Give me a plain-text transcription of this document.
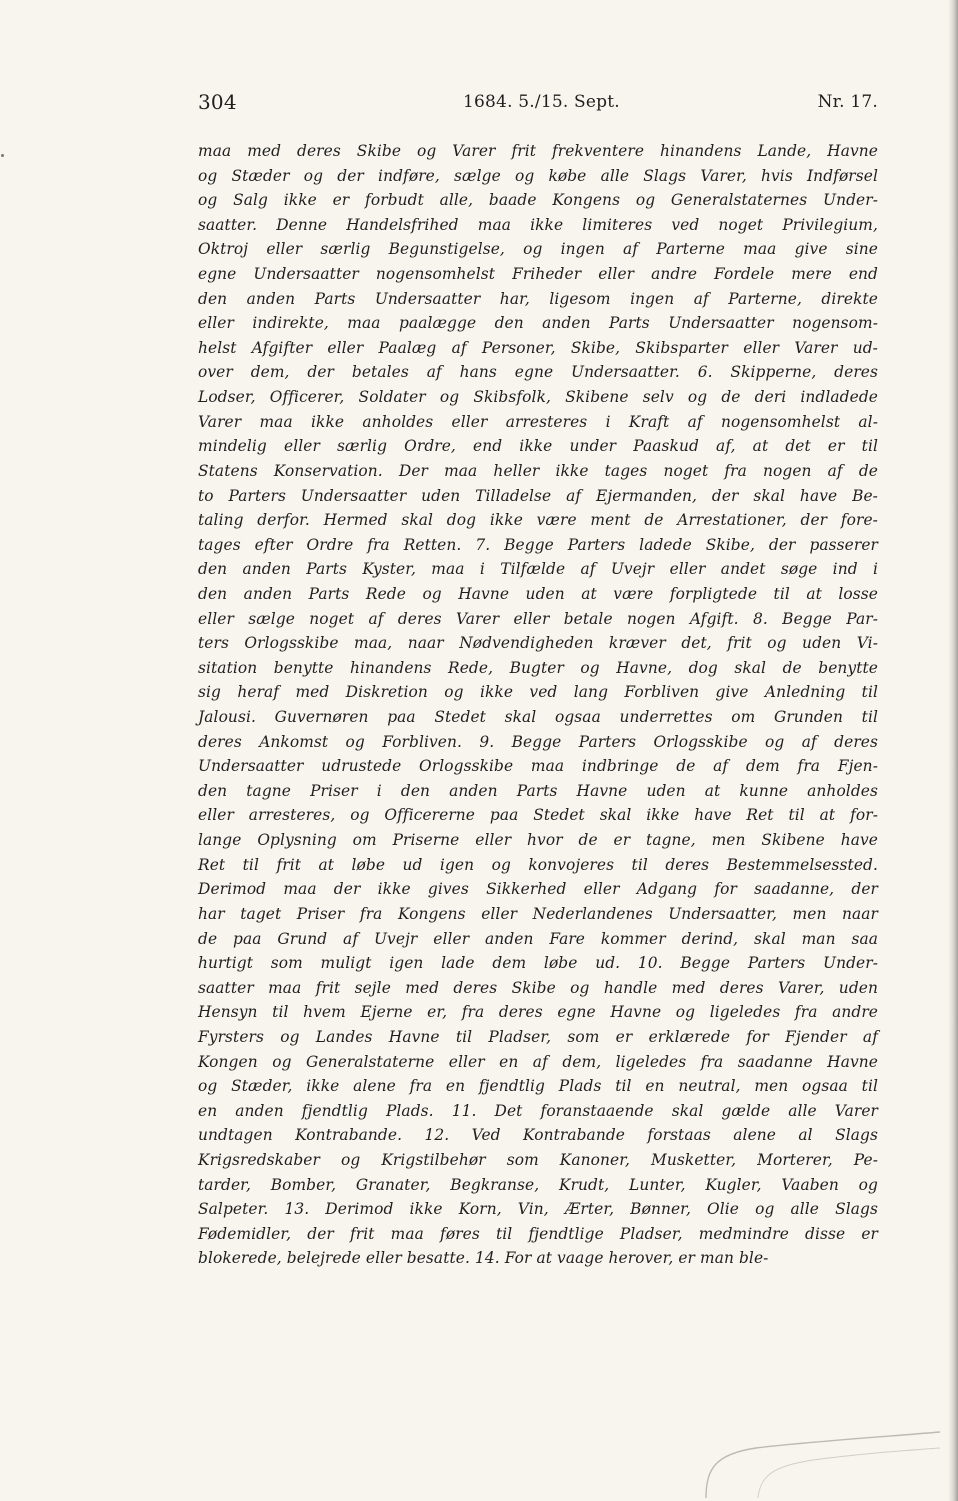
304	1684. 5./15. Sept.	Nr. 17.
maa med deres Skibe og Varer frit frekventere hinandens Lande, Havne
og Stæder og der indføre, sælge og købe alle Slags Varer, hvis Indførsel
og Salg ikke er forbudt alle, baade Kongens og Generalstaternes Under-
saatter. Denne Handelsfrihed maa ikke limiteres ved noget Privilegium,
Oktroj eller særlig Begunstigelse, og ingen af Parterne maa give sine
egne Undersaatter nogensomhelst Friheder eller andre Fordele mere end
den anden Parts Undersaatter har, ligesom ingen af Parterne, direkte
eller indirekte, maa paalægge den anden Parts Undersaatter nogensom-
helst Afgifter eller Paalæg af Personer, Skibe, Skibsparter eller Varer ud-
over dem, der betales af hans egne Undersaatter. 6. Skipperne, deres
Lodser, Officerer, Soldater og Skibsfolk, Skibene selv og de deri indladede
Varer maa ikke anholdes eller arresteres i Kraft af nogensomhelst al-
mindelig eller særlig Ordre, end ikke under Paaskud af, at det er til
Statens Konservation. Der maa heller ikke tages noget fra nogen af de
to Parters Undersaatter uden Tilladelse af Ejermanden, der skal have Be-
taling derfor. Hermed skal dog ikke være ment de Arrestationer, der fore-
tages efter Ordre fra Retten. 7. Begge Parters ladede Skibe, der passerer
den anden Parts Kyster, maa i Tilfælde af Uvejr eller andet søge ind i
den anden Parts Rede og Havne uden at være forpligtede til at losse
eller sælge noget af deres Varer eller betale nogen Afgift. 8. Begge Par-
ters Orlogsskibe maa, naar Nødvendigheden kræver det, frit og uden Vi-
sitation benytte hinandens Rede, Bugter og Havne, dog skal de benytte
sig heraf med Diskretion og ikke ved lang Forbliven give Anledning til
Jalousi. Guvernøren paa Stedet skal ogsaa underrettes om Grunden til
deres Ankomst og Forbliven. 9. Begge Parters Orlogsskibe og af deres
Undersaatter udrustede Orlogsskibe maa indbringe de af dem fra Fjen-
den tagne Priser i den anden Parts Havne uden at kunne anholdes
eller arresteres, og Officererne paa Stedet skal ikke have Ret til at for-
lange Oplysning om Priserne eller hvor de er tagne, men Skibene have
Ret til frit at løbe ud igen og konvojeres til deres Bestemmelsessted.
Derimod maa der ikke gives Sikkerhed eller Adgang for saadanne, der
har taget Priser fra Kongens eller Nederlandenes Undersaatter, men naar
de paa Grund af Uvejr eller anden Fare kommer derind, skal man saa
hurtigt som muligt igen lade dem løbe ud. 10. Begge Parters Under-
saatter maa frit sejle med deres Skibe og handle med deres Varer, uden
Hensyn til hvem Ejerne er, fra deres egne Havne og ligeledes fra andre
Fyrsters og Landes Havne til Pladser, som er erklærede for Fjender af
Kongen og Generalstaterne eller en af dem, ligeledes fra saadanne Havne
og Stæder, ikke alene fra en fjendtlig Plads til en neutral, men ogsaa til
en anden fjendtlig Plads. 11. Det foranstaaende skal gælde alle Varer
undtagen Kontrabande. 12. Ved Kontrabande forstaas alene al Slags
Krigsredskaber og Krigstilbehør som Kanoner, Musketter, Morterer, Pe-
tarder, Bomber, Granater, Begkranse, Krudt, Lunter, Kugler, Vaaben og
Salpeter. 13. Derimod ikke Korn, Vin, Ærter, Bønner, Olie og alle Slags
Fødemidler, der frit maa føres til fjendtlige Pladser, medmindre disse er
blokerede, belejrede eller besatte. 14. For at vaage herover, er man ble-
